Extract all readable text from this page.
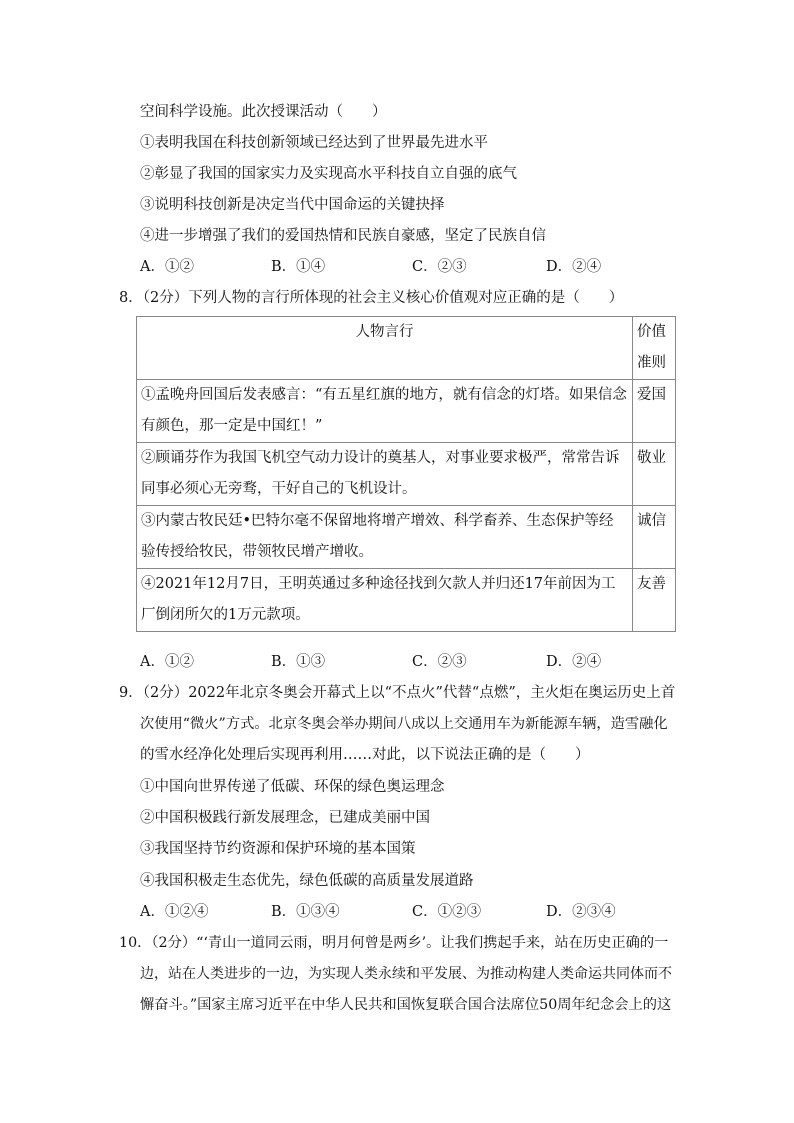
空间科学设施。此次授课活动（　　）
①表明我国在科技创新领域已经达到了世界最先进水平
②彰显了我国的国家实力及实现高水平科技自立自强的底气
③说明科技创新是决定当代中国命运的关键抉择
④进一步增强了我们的爱国热情和民族自豪感，坚定了民族自信
A．①②	B．①④	C．②③	D．②④
8．（2分）下列人物的言行所体现的社会主义核心价值观对应正确的是（　　）
人物言行	价值准则

①孟晚舟回国后发表感言：“有五星红旗的地方，就有信念的灯塔。如果信念有颜色，那一定是中国红！”	爱国

②顾诵芬作为我国飞机空气动力设计的奠基人，对事业要求极严，常常告诉同事必须心无旁骛，干好自己的飞机设计。	敬业

③内蒙古牧民廷•巴特尔毫不保留地将增产增效、科学畜养、生态保护等经验传授给牧民，带领牧民增产增收。	诚信

④2021年12月7日，王明英通过多种途径找到欠款人并归还17年前因为工厂倒闭所欠的1万元款项。	友善
A．①②	B．①③	C．②③	D．②④
9．（2分）2022年北京冬奥会开幕式上以“不点火”代替“点燃”，主火炬在奥运历史上首
次使用“微火”方式。北京冬奥会举办期间八成以上交通用车为新能源车辆，造雪融化
的雪水经净化处理后实现再利用……对此，以下说法正确的是（　　）
①中国向世界传递了低碳、环保的绿色奥运理念
②中国积极践行新发展理念，已建成美丽中国
③我国坚持节约资源和保护环境的基本国策
④我国积极走生态优先，绿色低碳的高质量发展道路
A．①②④	B．①③④	C．①②③	D．②③④
10．（2分）“‘青山一道同云雨，明月何曾是两乡’。让我们携起手来，站在历史正确的一
边，站在人类进步的一边，为实现人类永续和平发展、为推动构建人类命运共同体而不
懈奋斗。”国家主席习近平在中华人民共和国恢复联合国合法席位50周年纪念会上的这
